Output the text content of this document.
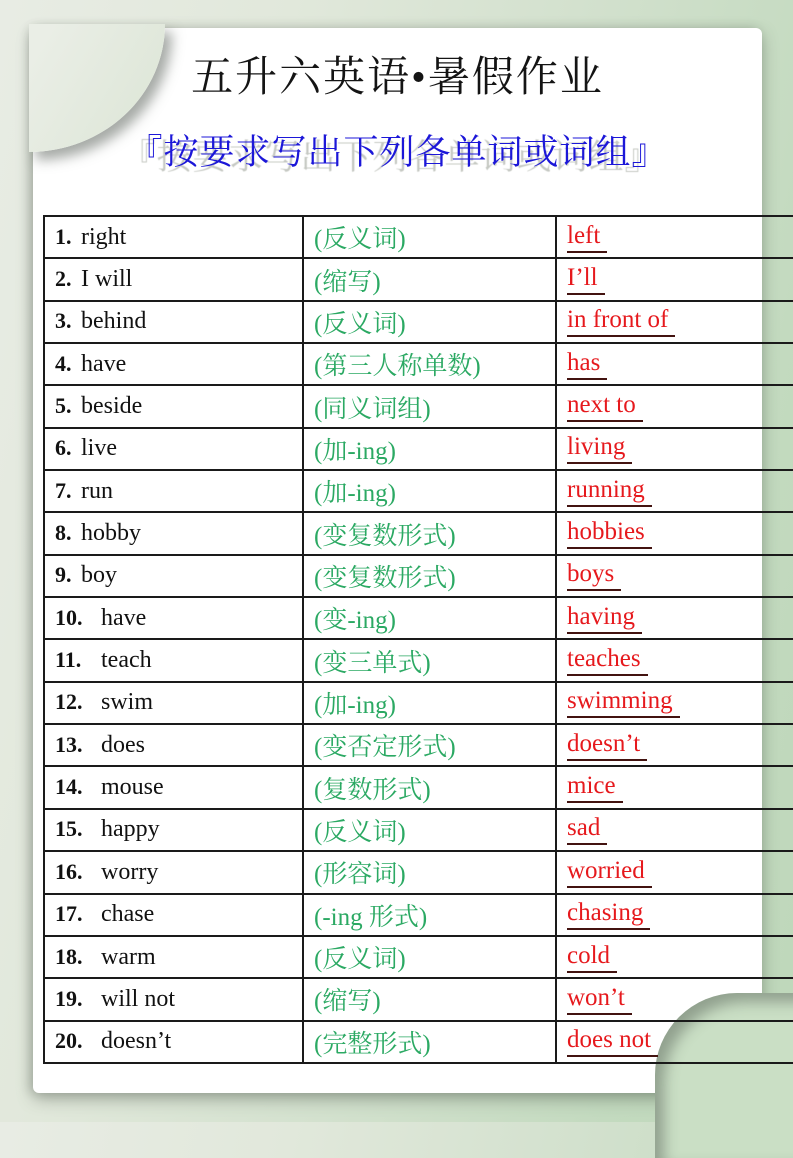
五升六英语•暑假作业
『按要求写出下列各单词或词组』
1. right	(反义词)	left
2. I will	(缩写)	I’ll
3. behind	(反义词)	in front of
4. have	(第三人称单数)	has
5. beside	(同义词组)	next to
6. live	(加-ing)	living
7. run	(加-ing)	running
8. hobby	(变复数形式)	hobbies
9. boy	(变复数形式)	boys
10. have	(变-ing)	having
11. teach	(变三单式)	teaches
12. swim	(加-ing)	swimming
13. does	(变否定形式)	doesn’t
14. mouse	(复数形式)	mice
15. happy	(反义词)	sad
16. worry	(形容词)	worried
17. chase	(-ing 形式)	chasing
18. warm	(反义词)	cold
19. will not	(缩写)	won’t
20. doesn’t	(完整形式)	does not
